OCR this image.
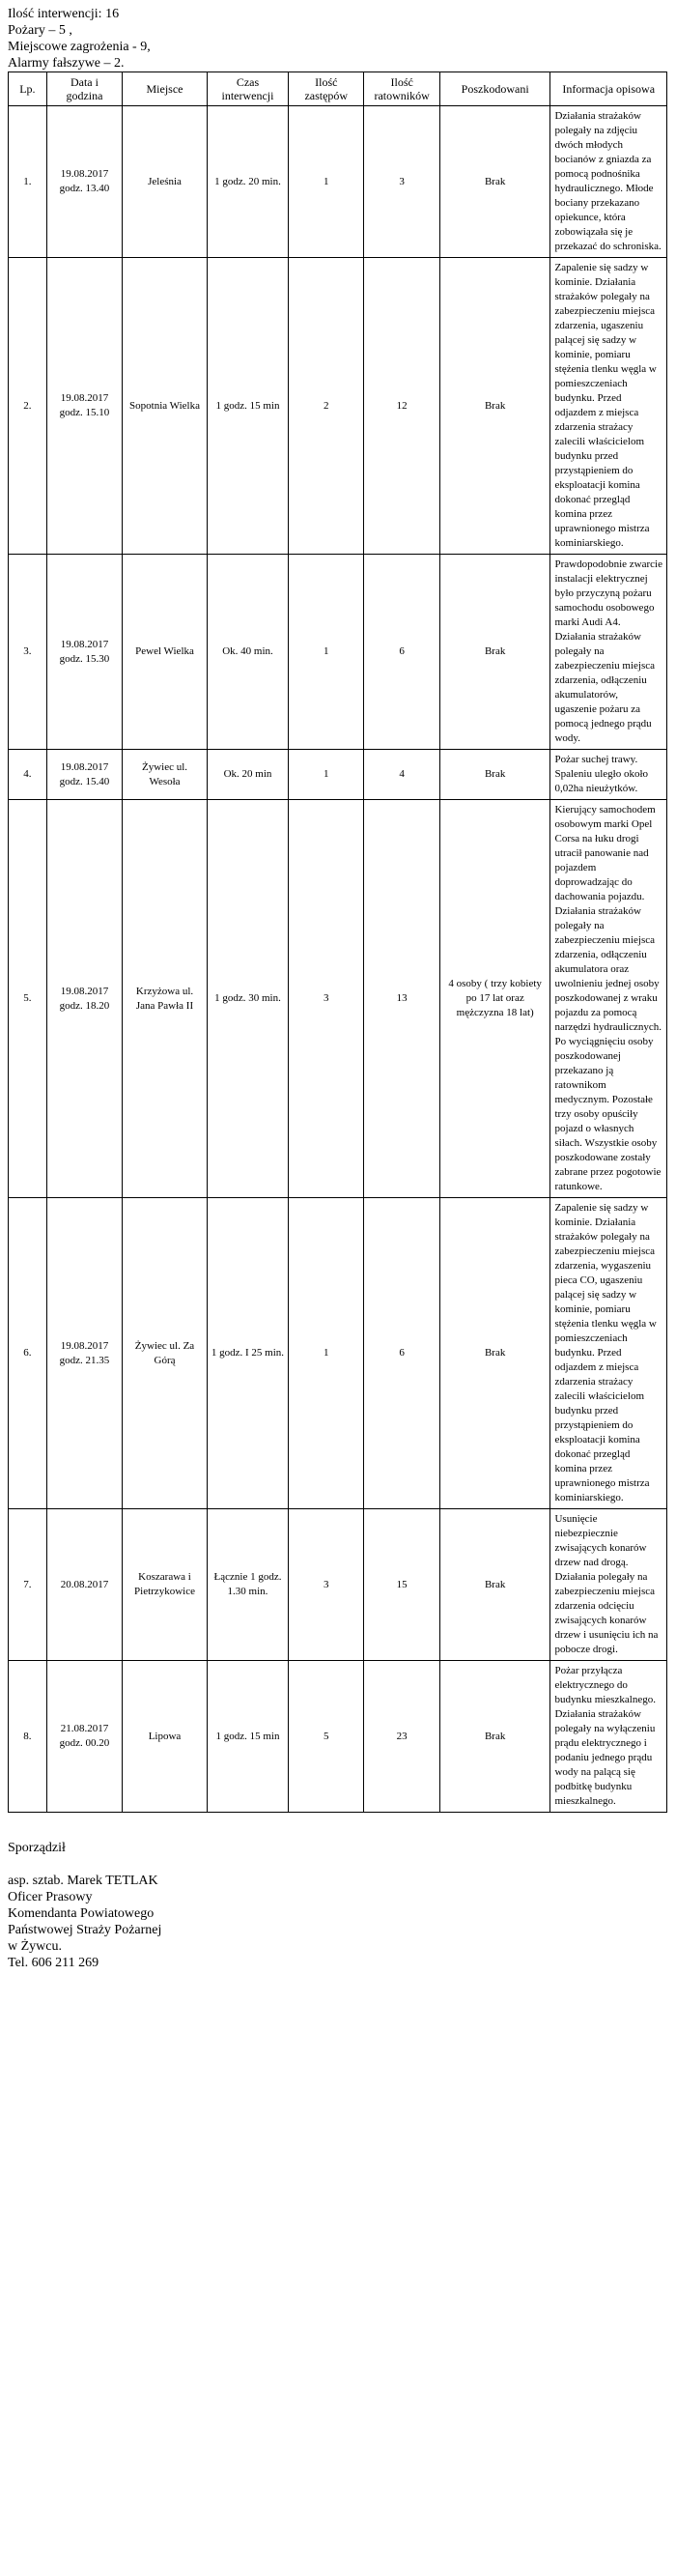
Ilość interwencji: 16
Pożary – 5 ,
Miejscowe zagrożenia - 9,
Alarmy fałszywe – 2.
Lp.	Data i godzina	Miejsce	Czas interwencji	Ilość zastępów	Ilość ratowników	Poszkodowani	Informacja opisowa
1.	19.08.2017 godz. 13.40	Jeleśnia	1 godz. 20 min.	1	3	Brak	Działania strażaków polegały na zdjęciu dwóch młodych bocianów z gniazda za pomocą podnośnika hydraulicznego. Młode bociany przekazano opiekunce, która zobowiązała się je przekazać do schroniska.
2.	19.08.2017 godz. 15.10	Sopotnia Wielka	1 godz. 15 min	2	12	Brak	Zapalenie się sadzy w kominie. Działania strażaków polegały na zabezpieczeniu miejsca zdarzenia, ugaszeniu palącej się sadzy w kominie, pomiaru stężenia tlenku węgla w pomieszczeniach budynku. Przed odjazdem z miejsca zdarzenia strażacy zalecili właścicielom budynku przed przystąpieniem do eksploatacji komina dokonać przegląd komina przez uprawnionego mistrza kominiarskiego.
3.	19.08.2017 godz. 15.30	Pewel Wielka	Ok. 40 min.	1	6	Brak	Prawdopodobnie zwarcie instalacji elektrycznej było przyczyną pożaru samochodu osobowego marki Audi A4. Działania strażaków polegały na zabezpieczeniu miejsca zdarzenia, odłączeniu akumulatorów, ugaszenie pożaru za pomocą jednego prądu wody.
4.	19.08.2017 godz. 15.40	Żywiec ul. Wesoła	Ok. 20 min	1	4	Brak	Pożar suchej trawy. Spaleniu uległo około 0,02ha nieużytków.
5.	19.08.2017 godz. 18.20	Krzyżowa ul. Jana Pawła II	1 godz. 30 min.	3	13	4 osoby ( trzy kobiety po 17 lat oraz mężczyzna 18 lat)	Kierujący samochodem osobowym marki Opel Corsa na łuku drogi utracił panowanie nad pojazdem doprowadzając do dachowania pojazdu. Działania strażaków polegały na zabezpieczeniu miejsca zdarzenia, odłączeniu akumulatora oraz uwolnieniu jednej osoby poszkodowanej z wraku pojazdu za pomocą narzędzi hydraulicznych. Po wyciągnięciu osoby poszkodowanej przekazano ją ratownikom medycznym. Pozostałe trzy osoby opuściły pojazd o własnych siłach. Wszystkie osoby poszkodowane zostały zabrane przez pogotowie ratunkowe.
6.	19.08.2017 godz. 21.35	Żywiec ul. Za Górą	1 godz. I 25 min.	1	6	Brak	Zapalenie się sadzy w kominie. Działania strażaków polegały na zabezpieczeniu miejsca zdarzenia, wygaszeniu pieca CO, ugaszeniu palącej się sadzy w kominie, pomiaru stężenia tlenku węgla w pomieszczeniach budynku. Przed odjazdem z miejsca zdarzenia strażacy zalecili właścicielom budynku przed przystąpieniem do eksploatacji komina dokonać przegląd komina przez uprawnionego mistrza kominiarskiego.
7.	20.08.2017	Koszarawa i Pietrzykowice	Łącznie 1 godz. 1.30 min.	3	15	Brak	Usunięcie niebezpiecznie zwisających konarów drzew nad drogą. Działania polegały na zabezpieczeniu miejsca zdarzenia odcięciu zwisających konarów drzew i usunięciu ich na pobocze drogi.
8.	21.08.2017 godz. 00.20	Lipowa	1 godz. 15 min	5	23	Brak	Pożar przyłącza elektrycznego do budynku mieszkalnego. Działania strażaków polegały na wyłączeniu prądu elektrycznego i podaniu jednego prądu wody na palącą się podbitkę budynku mieszkalnego.
Sporządził
asp. sztab. Marek TETLAK
Oficer Prasowy
Komendanta Powiatowego
Państwowej Straży Pożarnej
w Żywcu.
Tel. 606 211 269
